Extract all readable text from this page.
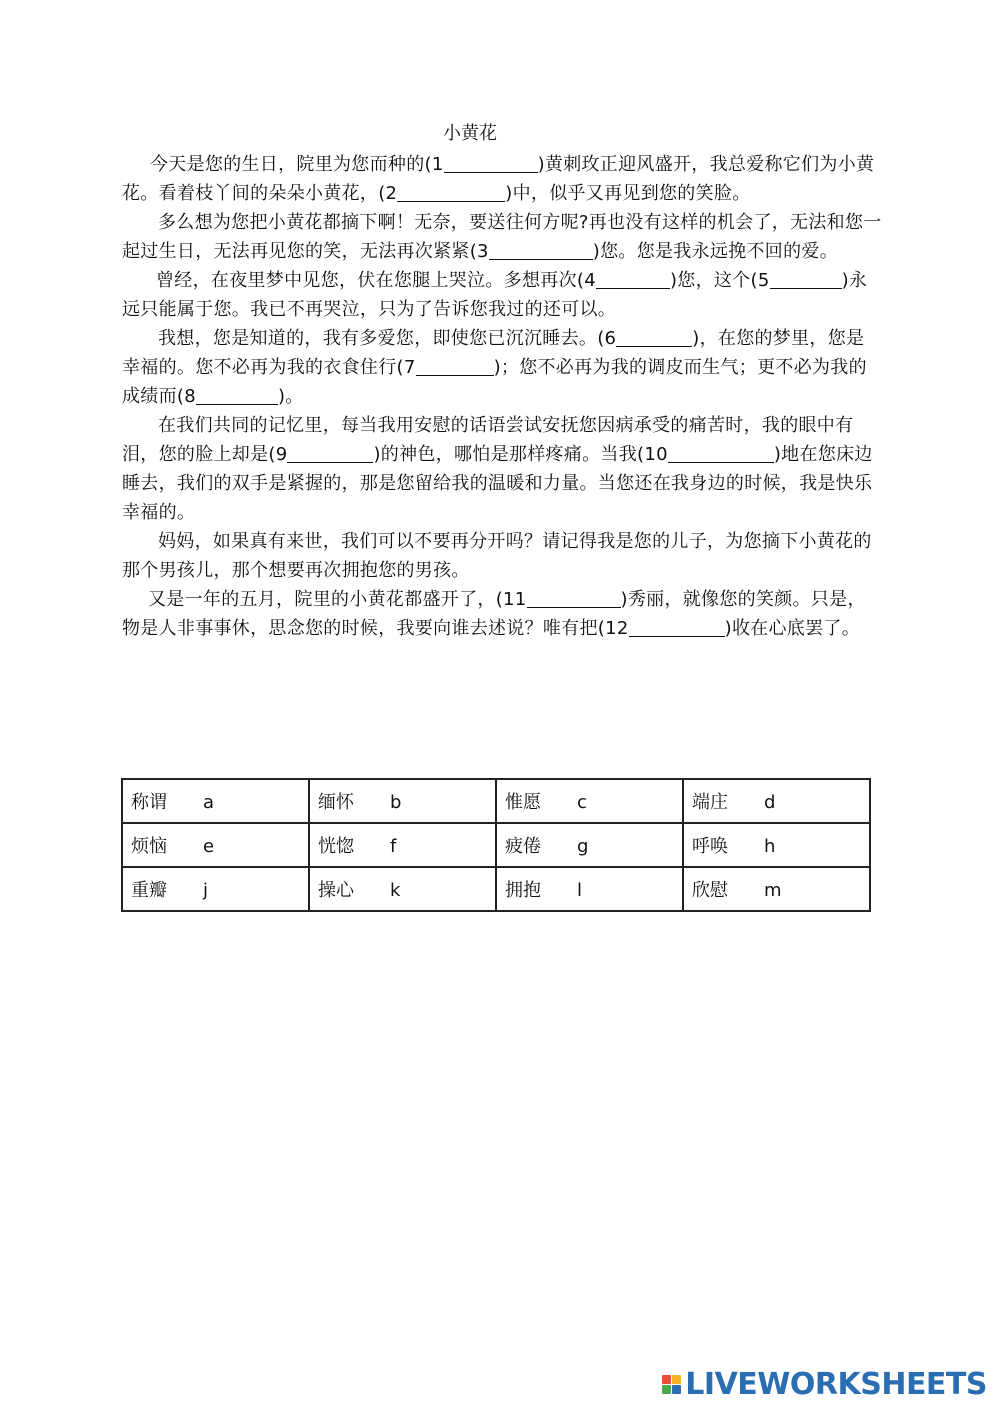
小黄花

今天是您的生日，院里为您而种的(1	)黄刺玫正迎风盛开，我总爱称它们为小黄花。看着枝丫间的朵朵小黄花，(2	)中，似乎又再见到您的笑脸。

多么想为您把小黄花都摘下啊！无奈，要送往何方呢?再也没有这样的机会了，无法和您一起过生日，无法再见您的笑，无法再次紧紧(3	)您。您是我永远挽不回的爱。

曾经，在夜里梦中见您，伏在您腿上哭泣。多想再次(4	)您，这个(5	)永远只能属于您。我已不再哭泣，只为了告诉您我过的还可以。

我想，您是知道的，我有多爱您，即使您已沉沉睡去。(6	)，在您的梦里，您是幸福的。您不必再为我的衣食住行(7	)；您不必再为我的调皮而生气；更不必为我的成绩而(8	)。

在我们共同的记忆里，每当我用安慰的话语尝试安抚您因病承受的痛苦时，我的眼中有泪，您的脸上却是(9	)的神色，哪怕是那样疼痛。当我(10	)地在您床边睡去，我们的双手是紧握的，那是您留给我的温暖和力量。当您还在我身边的时候，我是快乐幸福的。

妈妈，如果真有来世，我们可以不要再分开吗？请记得我是您的儿子，为您摘下小黄花的那个男孩儿，那个想要再次拥抱您的男孩。

又是一年的五月，院里的小黄花都盛开了，(11	)秀丽，就像您的笑颜。只是，物是人非事事休，思念您的时候，我要向谁去述说？唯有把(12	)收在心底罢了。

称谓 a	缅怀 b	惟愿 c	端庄 d
烦恼 e	恍惚 f	疲倦 g	呼唤 h
重瓣 j	操心 k	拥抱 l	欣慰 m
LIVEWORKSHEETS
